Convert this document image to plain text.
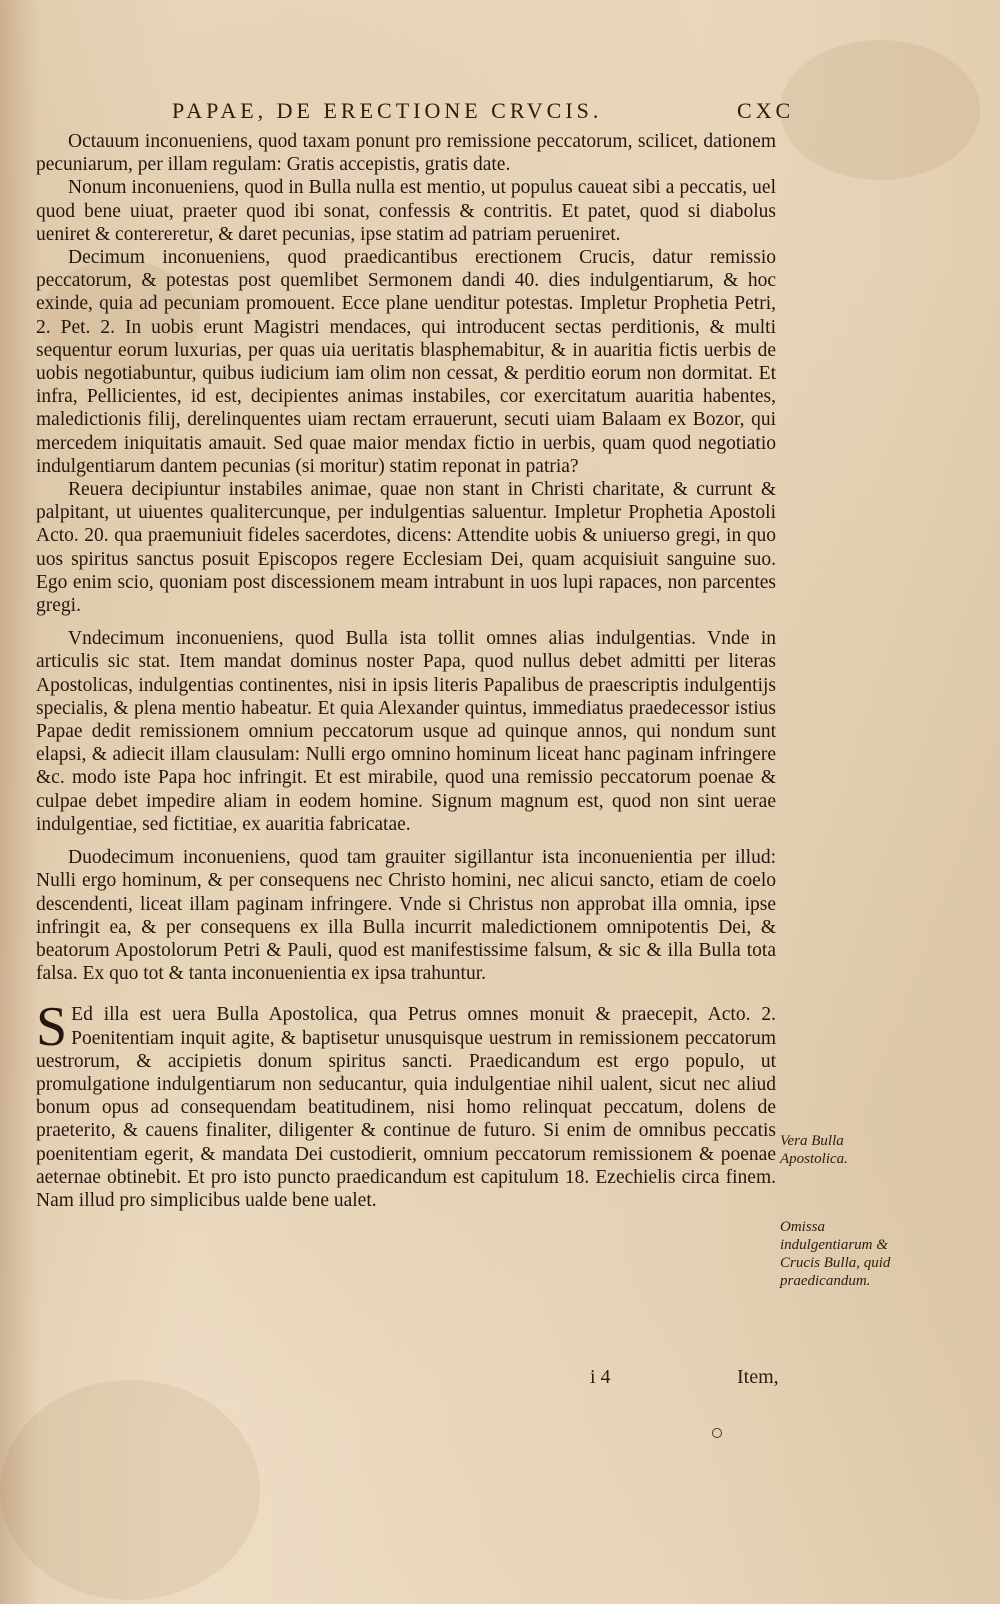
PAPAE, DE ERECTIONE CRVCIS.	CXC

Octauum inconueniens, quod taxam ponunt pro remissione peccatorum, scilicet, dationem pecuniarum, per illam regulam: Gratis accepistis, gratis date.

Nonum inconueniens, quod in Bulla nulla est mentio, ut populus caueat sibi a peccatis, uel quod bene uiuat, praeter quod ibi sonat, confessis & contritis. Et patet, quod si diabolus ueniret & contereretur, & daret pecunias, ipse statim ad patriam perueniret.

Decimum inconueniens, quod praedicantibus erectionem Crucis, datur remissio peccatorum, & potestas post quemlibet Sermonem dandi 40. dies indulgentiarum, & hoc exinde, quia ad pecuniam promouent. Ecce plane uenditur potestas. Impletur Prophetia Petri, 2. Pet. 2. In uobis erunt Magistri mendaces, qui introducent sectas perditionis, & multi sequentur eorum luxurias, per quas uia ueritatis blasphemabitur, & in auaritia fictis uerbis de uobis negotiabuntur, quibus iudicium iam olim non cessat, & perditio eorum non dormitat. Et infra, Pellicientes, id est, decipientes animas instabiles, cor exercitatum auaritia habentes, maledictionis filij, derelinquentes uiam rectam errauerunt, secuti uiam Balaam ex Bozor, qui mercedem iniquitatis amauit. Sed quae maior mendax fictio in uerbis, quam quod negotiatio indulgentiarum dantem pecunias (si moritur) statim reponat in patria?

Reuera decipiuntur instabiles animae, quae non stant in Christi charitate, & currunt & palpitant, ut uiuentes qualitercunque, per indulgentias saluentur. Impletur Prophetia Apostoli Acto. 20. qua praemuniuit fideles sacerdotes, dicens: Attendite uobis & uniuerso gregi, in quo uos spiritus sanctus posuit Episcopos regere Ecclesiam Dei, quam acquisiuit sanguine suo. Ego enim scio, quoniam post discessionem meam intrabunt in uos lupi rapaces, non parcentes gregi.

Vndecimum inconueniens, quod Bulla ista tollit omnes alias indulgentias. Vnde in articulis sic stat. Item mandat dominus noster Papa, quod nullus debet admitti per literas Apostolicas, indulgentias continentes, nisi in ipsis literis Papalibus de praescriptis indulgentijs specialis, & plena mentio habeatur. Et quia Alexander quintus, immediatus praedecessor istius Papae dedit remissionem omnium peccatorum usque ad quinque annos, qui nondum sunt elapsi, & adiecit illam clausulam: Nulli ergo omnino hominum liceat hanc paginam infringere &c. modo iste Papa hoc infringit. Et est mirabile, quod una remissio peccatorum poenae & culpae debet impedire aliam in eodem homine. Signum magnum est, quod non sint uerae indulgentiae, sed fictitiae, ex auaritia fabricatae.

Duodecimum inconueniens, quod tam grauiter sigillantur ista inconuenientia per illud: Nulli ergo hominum, & per consequens nec Christo homini, nec alicui sancto, etiam de coelo descendenti, liceat illam paginam infringere. Vnde si Christus non approbat illa omnia, ipse infringit ea, & per consequens ex illa Bulla incurrit maledictionem omnipotentis Dei, & beatorum Apostolorum Petri & Pauli, quod est manifestissime falsum, & sic & illa Bulla tota falsa. Ex quo tot & tanta inconuenientia ex ipsa trahuntur.

S Ed illa est uera Bulla Apostolica, qua Petrus omnes monuit & praecepit, Acto. 2. Poenitentiam inquit agite, & baptisetur unusquisque uestrum in remissionem peccatorum uestrorum, & accipietis donum spiritus sancti. Praedicandum est ergo populo, ut promulgatione indulgentiarum non seducantur, quia indulgentiae nihil ualent, sicut nec aliud bonum opus ad consequendam beatitudinem, nisi homo relinquat peccatum, dolens de praeterito, & cauens finaliter, diligenter & continue de futuro. Si enim de omnibus peccatis poenitentiam egerit, & mandata Dei custodierit, omnium peccatorum remissionem & poenae aeternae obtinebit. Et pro isto puncto praedicandum est capitulum 18. Ezechielis circa finem. Nam illud pro simplicibus ualde bene ualet.

Vera Bulla Apostolica.
Omissa indulgentiarum & Crucis Bulla, quid praedicandum.
i 4	Item,
